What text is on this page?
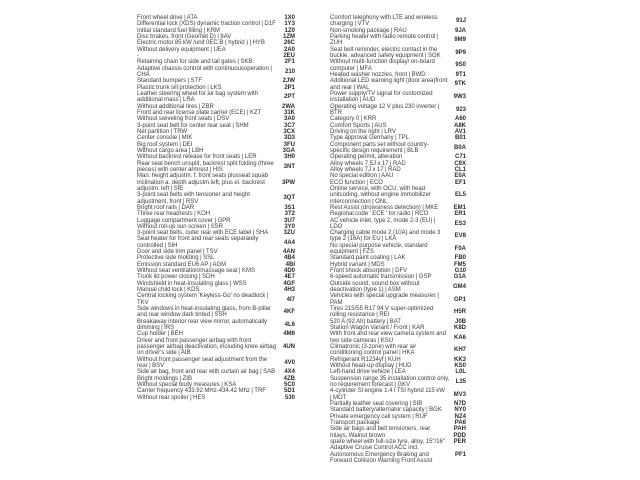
Front wheel drive | ATA	1X0
Differential lock (XDS) dynamic traction control | D1F	1Y3
Initial standard fuel filling | KRM	1Z0
Disc brakes, front (Geomet D) | 8AV	1ZM
Electric motor 85 kW /unit 0EC.B ( hybrid ) | HYB	26C
Without delivery equipment | UEA	2A0
-	2EU
Retaining chain for side and tail gates | SKB	2F1
Adaptive chassis control with continuousoperation | CHA
210
Standard bumpers | STF	2JW
Plastic trunk sill protection | LKS	2P1
Leather steering wheel for air bag system with additional mass | LRA
2PT
Without additional tires | ZBR	2WA
Front and rear license plate carrier (ECE) | KZT	31K
Without swiveling front seats | DSV	3A0
3-point seat belt for center rear seat | SHM	3C7
Net partition | TRW	3CX
Center console | MIK	3D3
Big roof system | DEI	3FU
Without cargo area | LBH	3GA
Without backrest release for front seats | LER	3H0
Rear seat bench unsplit, backrest split folding (three pieces) with center armrest | HIS
3NT
Man. height adjustm. f. front seats plusseat squab inclination a. depth adjustm.left, plus el. backrest adjustm. left | SIE
3PW
3-point seat belts with tensioner and height adjustment, front | RSV
3QT
Bright roof rails | DAR	3S1
Three rear headrests | KOH	3T2
Luggage compartment cover | GPR	3U7
Without roll-up sun screen | SSR	3Y0
3-point seat belts, outer rear with ECE label | SHA	3ZU
Seat heater for front and rear seats separately controlled | SIH
4A4
Door and side trim panel | TSV	4AN
Protective side molding | SSL	4B4
Emission standard EU6 AP | AGM	4BI
Without seat ventilation/massage seat | KMS	4D0
Trunk lid power closing | SDH	4E7
Windshield in heat-insulating glass | WSS	4GF
Manual child lock | KDS	4H3
Central locking system 'Keyless-Go' no deadlock | TKV
4I7
Side windows in heat-insulating glass, from B-pillar and rear window dark tinted | SSH
4KF
Breakaway interior rear view mirror, automatically dimming | IRS
4L6
Cup holder | BEH	4M6
Driver and front passenger airbag with front passenger airbag deactivation, including knee airbag on driver's side | AIB
4UN
Without front passenger seat adjustment from the rear | BSV
4V0
Side air bag, front and rear with curtain air bag | SAB	4X4
Bright moldings | ZIB	4ZB
Without special body measures | KSA	5C0
Carrier frequency 433.92 MHz-434.42 Mhz | TRF	5D1
Without rear spoiler | HES	530
Comfort telephony with LTE and wireless charging | VTV
91J
Non-smoking package | RAU	9JA
Parking heater with radio remote control | ZUH
9M9
Seat belt reminder, electric contact in the buckle, advanced safety equipment | SGK
9P9
Without multi-function display/ on-board computer | MFA
9S0
Heated washer nozzles, front | BWD	9T1
Additional LED warning light (door area)front and rear | WAL
9TK
Power supply/TV signal for customized installation | AUD
9W3
Operating voltage 12 V plus 230 inverter | BTR
923
Category 0 | KRR	A60
Comfort Sports | AUS	A8K
Driving on the right | LRV	AV1
Type approval Germany | TPL	B01
Component parts set without country-specific design requirement | BLB
B0A
Operating permit, alteration	C71
Alloy wheels 7.5J x 17 | RAD	C9X
Alloy wheels 7J x 17 | RAD	CL1
No special edition | AAU	E0A
ECO function | ECO	EF1
Online service, with OCU, with head unitcoding, without engine immobilizer interconnection | ONL
EL5
Rest Assist (drowsiness detection) | MKE	EM1
Regional code ' ECE ' for radio | RCO	ER1
AC vehicle inlet, type 2, mode 2-3 (EU) | LDO
ES3
Charging cable mode 2 (10A) and mode 3 type 2 (16A) for EU | LKA
EV8
No special purpose vehicle, standard equipment | FZS
F0A
Standard paint coating | LAK	FB0
Hybrid variant | MDS	FM5
Front shock absorption | DFV	G10
6-speed automatic transmission | GSP	G1A
Outside sound, sound box without deactivation (type 1) | ASM
GM4
Vehicles with special upgrade measures | PAM
GP1
Tires 215/55 R17 94 V super-optimized rolling resistance | REI
H5R
520 A (92 Ah) battery | BAT	J0B
Station Wagon Variant / Front | KAR	K8D
With front and rear view camera system and two side cameras | KSU
KA6
Climatronic (3-zone) with rear air conditioning control panel | HKA
KH7
Refrigerant R1234yf | KUH	KK3
Without head-up display | HUD	KS0
Left-hand drive vehicle | LEA	L0L
Suspension range 35 installation control only, no requirement forecast | GKV
L35
4-cylinder SI engine 1.4 l TSI hybrid 115 kW | MOT
MV3
Partially leather seat covering | SIB	N7D
Standard battery/alternator capacity | BGK	NY0
Private emergency call system | RUF	NZ4
Transport package	PA6
Side air bags and belt tensioners, rear	PAH
Inlays, Walnut brown	PDD
spare wheel with full-size tyre, alloy, 15"/16"	PER
Adaptive Cruise Control ACC incl. Autonomous Emergency Braking and Forward Collision Warning Front Assist
PF1
